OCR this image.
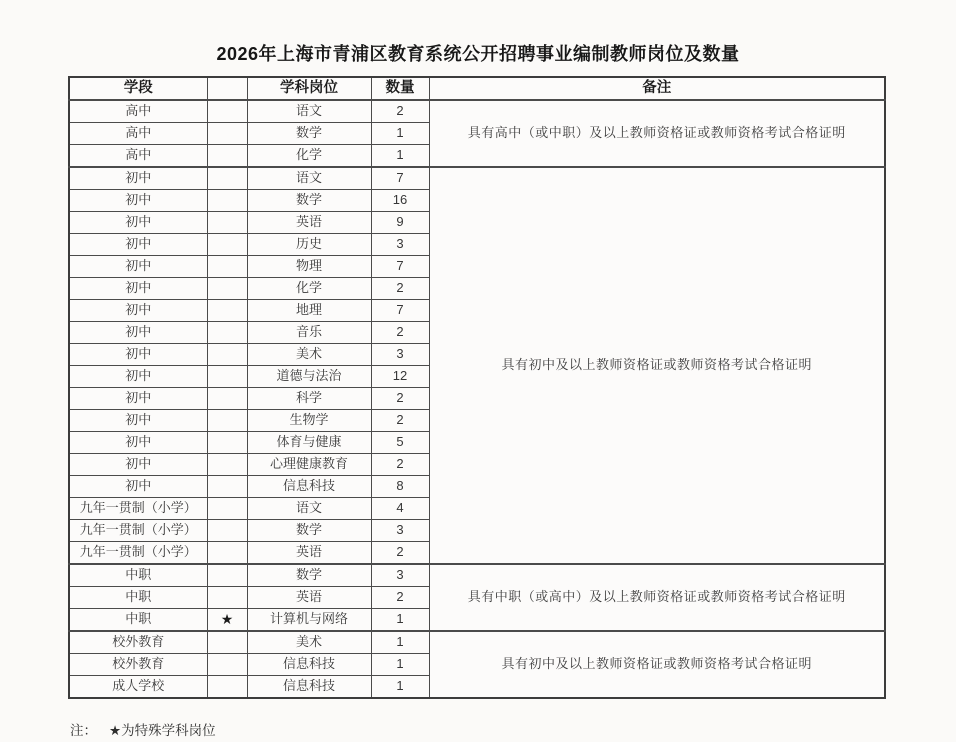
2026年上海市青浦区教育系统公开招聘事业编制教师岗位及数量
学段		学科岗位	数量	备注
高中		语文	2	具有高中（或中职）及以上教师资格证或教师资格考试合格证明
高中		数学	1	
高中		化学	1	
初中		语文	7	具有初中及以上教师资格证或教师资格考试合格证明
初中		数学	16	
初中		英语	9	
初中		历史	3	
初中		物理	7	
初中		化学	2	
初中		地理	7	
初中		音乐	2	
初中		美术	3	
初中		道德与法治	12	
初中		科学	2	
初中		生物学	2	
初中		体育与健康	5	
初中		心理健康教育	2	
初中		信息科技	8	
九年一贯制（小学）		语文	4	
九年一贯制（小学）		数学	3	
九年一贯制（小学）		英语	2	
中职		数学	3	具有中职（或高中）及以上教师资格证或教师资格考试合格证明
中职		英语	2	
中职	★	计算机与网络	1	
校外教育		美术	1	具有初中及以上教师资格证或教师资格考试合格证明
校外教育		信息科技	1	
成人学校		信息科技	1	

注： ★为特殊学科岗位
